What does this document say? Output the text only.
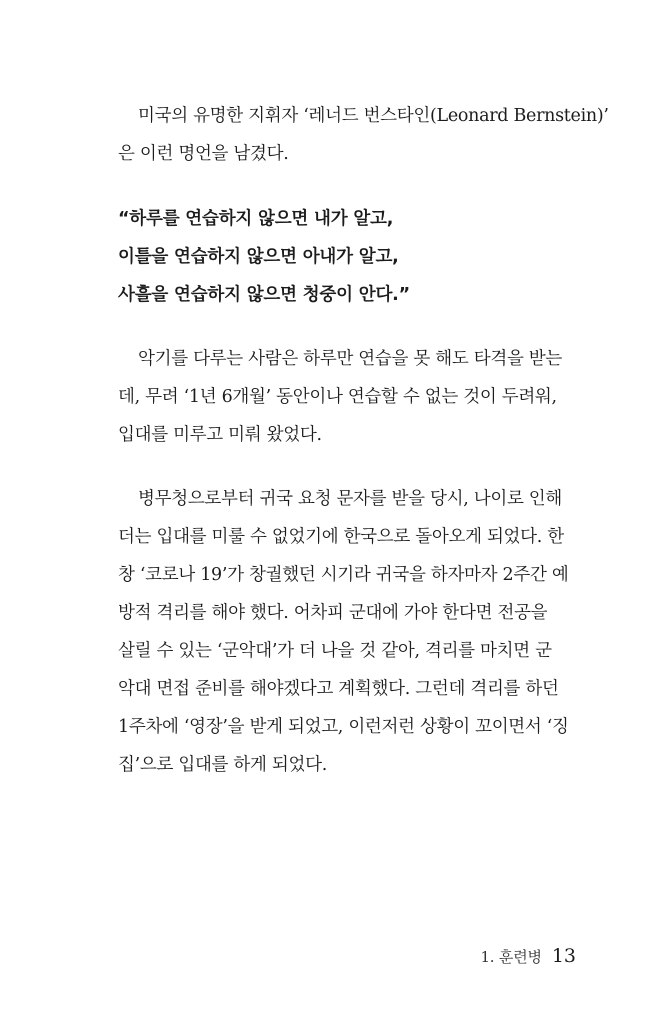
미국의 유명한 지휘자 ‘레너드 번스타인(Leonard Bernstein)’
은 이런 명언을 남겼다.

“하루를 연습하지 않으면 내가 알고,
이틀을 연습하지 않으면 아내가 알고,
사흘을 연습하지 않으면 청중이 안다.”

악기를 다루는 사람은 하루만 연습을 못 해도 타격을 받는
데, 무려 ‘1년 6개월’ 동안이나 연습할 수 없는 것이 두려워,
입대를 미루고 미뤄 왔었다.

병무청으로부터 귀국 요청 문자를 받을 당시, 나이로 인해
더는 입대를 미룰 수 없었기에 한국으로 돌아오게 되었다. 한
창 ‘코로나 19’가 창궐했던 시기라 귀국을 하자마자 2주간 예
방적 격리를 해야 했다. 어차피 군대에 가야 한다면 전공을
살릴 수 있는 ‘군악대’가 더 나을 것 같아, 격리를 마치면 군
악대 면접 준비를 해야겠다고 계획했다. 그런데 격리를 하던
1주차에 ‘영장’을 받게 되었고, 이런저런 상황이 꼬이면서 ‘징
집’으로 입대를 하게 되었다.

1. 훈련병 13
